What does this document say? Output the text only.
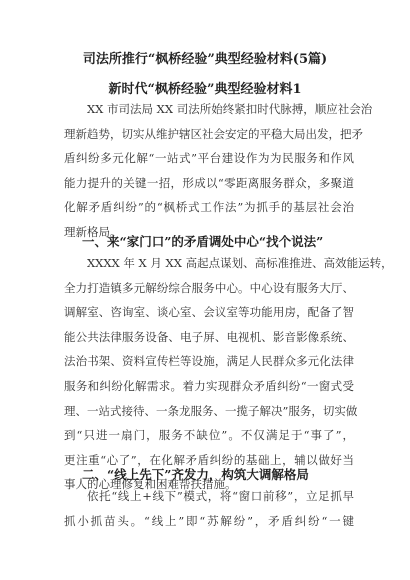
司法所推行“枫桥经验”典型经验材料(5篇)
新时代“枫桥经验”典型经验材料1
XX 市司法局 XX 司法所始终紧扣时代脉搏，顺应社会治
理新趋势，切实从维护辖区社会安定的平稳大局出发，把矛
盾纠纷多元化解“一站式”平台建设作为为民服务和作风
能力提升的关键一招，形成以“零距离服务群众，多聚道
化解矛盾纠纷”的“枫桥式工作法”为抓手的基层社会治
理新格局。
一、来“家门口”的矛盾调处中心“找个说法”
XXXX 年 X 月 XX 高起点谋划、高标准推进、高效能运转，
全力打造镇多元解纷综合服务中心。中心设有服务大厅、
调解室、咨询室、谈心室、会议室等功能用房，配备了智
能公共法律服务设备、电子屏、电视机、影音影像系统、
法治书架、资料宣传栏等设施，满足人民群众多元化法律
服务和纠纷化解需求。着力实现群众矛盾纠纷“一窗式受
理、一站式接待、一条龙服务、一揽子解决”服务，切实做
到“只进一扇门，服务不缺位”。不仅满足于“事了”，
更注重“心了”，在化解矛盾纠纷的基础上，辅以做好当
事人的心理修复和困难帮扶措施。
二、“线上先下”齐发力，构筑大调解格局
依托“线上+线下”模式，将“窗口前移”，立足抓早
抓小抓苗头。“线上”即“苏解纷”，矛盾纠纷“一键
